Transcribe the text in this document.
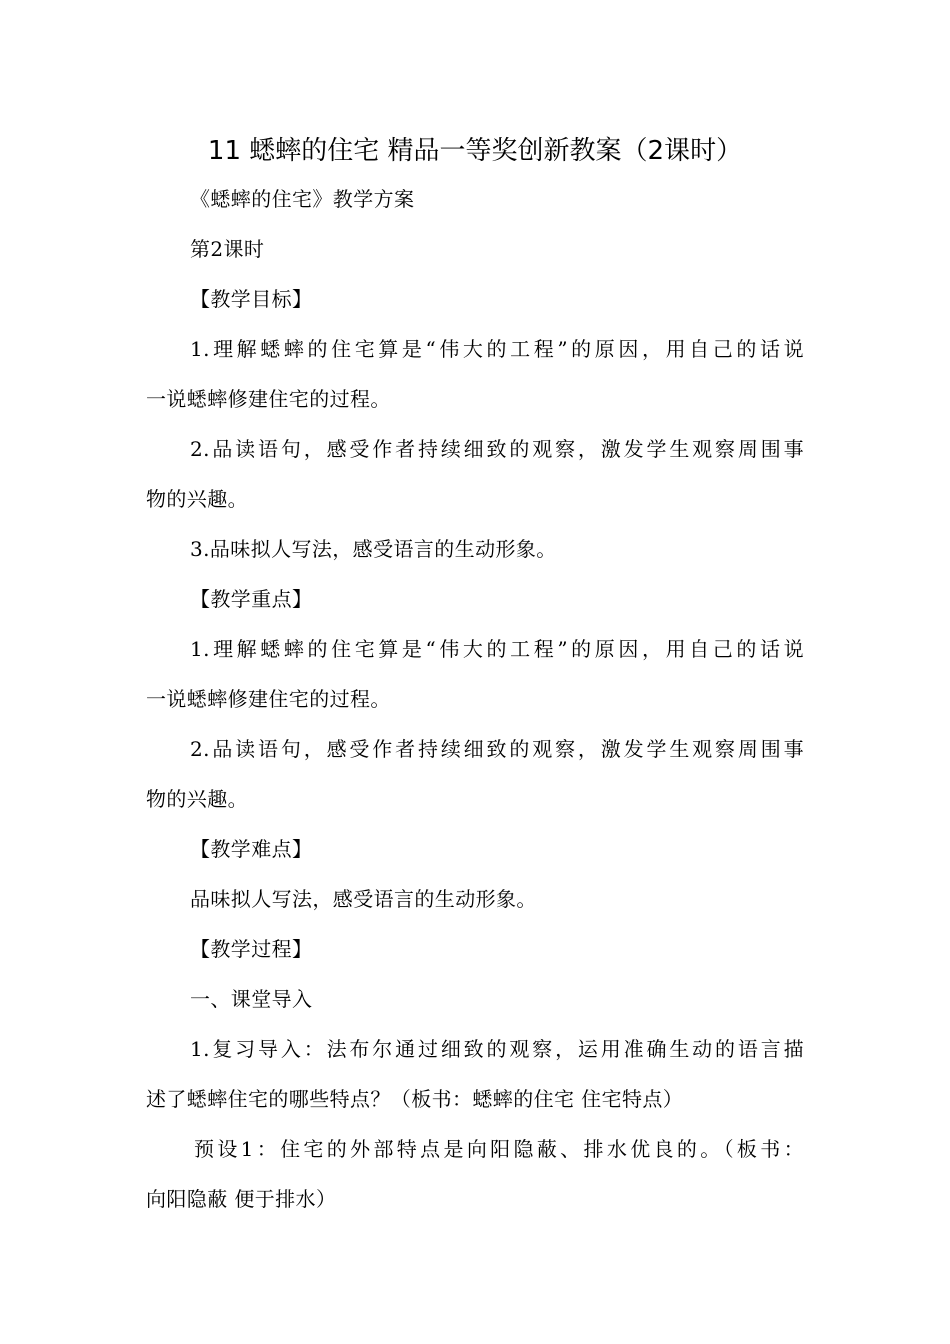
11 蟋蟀的住宅 精品一等奖创新教案（2课时）
《蟋蟀的住宅》教学方案
第2课时
【教学目标】
1.理解蟋蟀的住宅算是“伟大的工程”的原因，用自己的话说
一说蟋蟀修建住宅的过程。
2.品读语句，感受作者持续细致的观察，激发学生观察周围事
物的兴趣。
3.品味拟人写法，感受语言的生动形象。
【教学重点】
1.理解蟋蟀的住宅算是“伟大的工程”的原因，用自己的话说
一说蟋蟀修建住宅的过程。
2.品读语句，感受作者持续细致的观察，激发学生观察周围事
物的兴趣。
【教学难点】
品味拟人写法，感受语言的生动形象。
【教学过程】
一、课堂导入
1.复习导入：法布尔通过细致的观察，运用准确生动的语言描
述了蟋蟀住宅的哪些特点？（板书：蟋蟀的住宅 住宅特点）
预设1：住宅的外部特点是向阳隐蔽、排水优良的。（板书：
向阳隐蔽 便于排水）
